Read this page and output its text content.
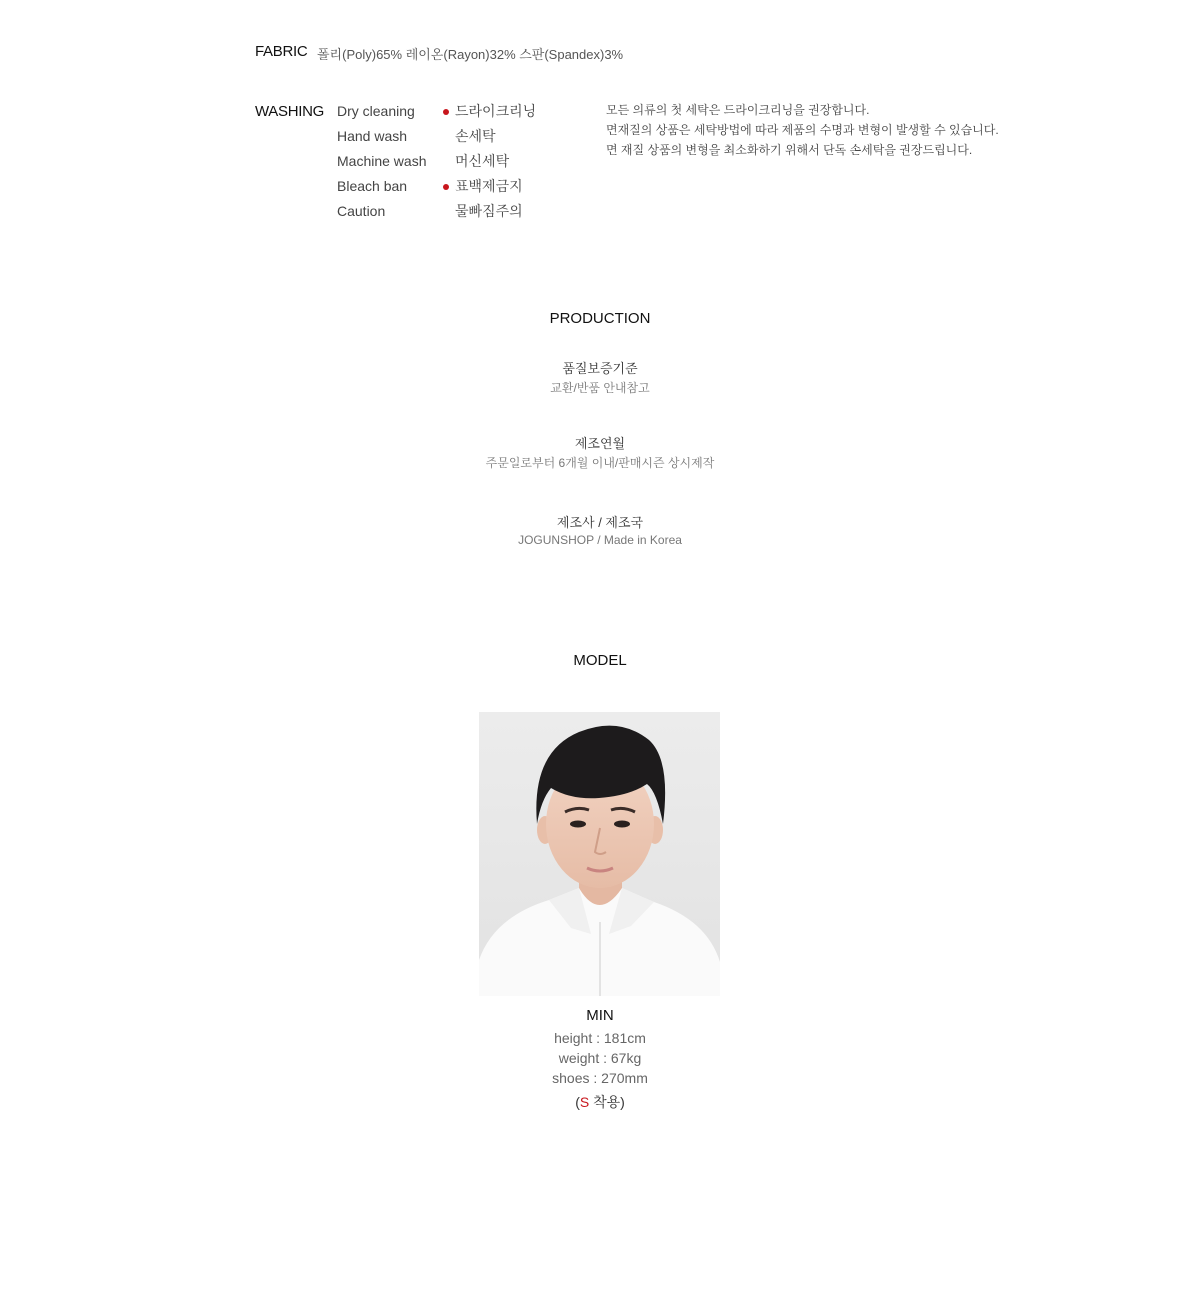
FABRIC 폴리(Poly)65% 레이온(Rayon)32% 스판(Spandex)3%
WASHING Dry cleaning
Hand wash
Machine wash
Bleach ban
Caution
드라이크리닝
손세탁
머신세탁
표백제금지
물빠짐주의
모든 의류의 첫 세탁은 드라이크리닝을 권장합니다.
면재질의 상품은 세탁방법에 따라 제품의 수명과 변형이 발생할 수 있습니다.
면 재질 상품의 변형을 최소화하기 위해서 단독 손세탁을 권장드립니다.
PRODUCTION
품질보증기준
교환/반품 안내참고
제조연월
주문일로부터 6개월 이내/판매시즌 상시제작
제조사 / 제조국
JOGUNSHOP / Made in Korea
MODEL
MIN
height : 181cm
weight : 67kg
shoes : 270mm
(S 착용)
